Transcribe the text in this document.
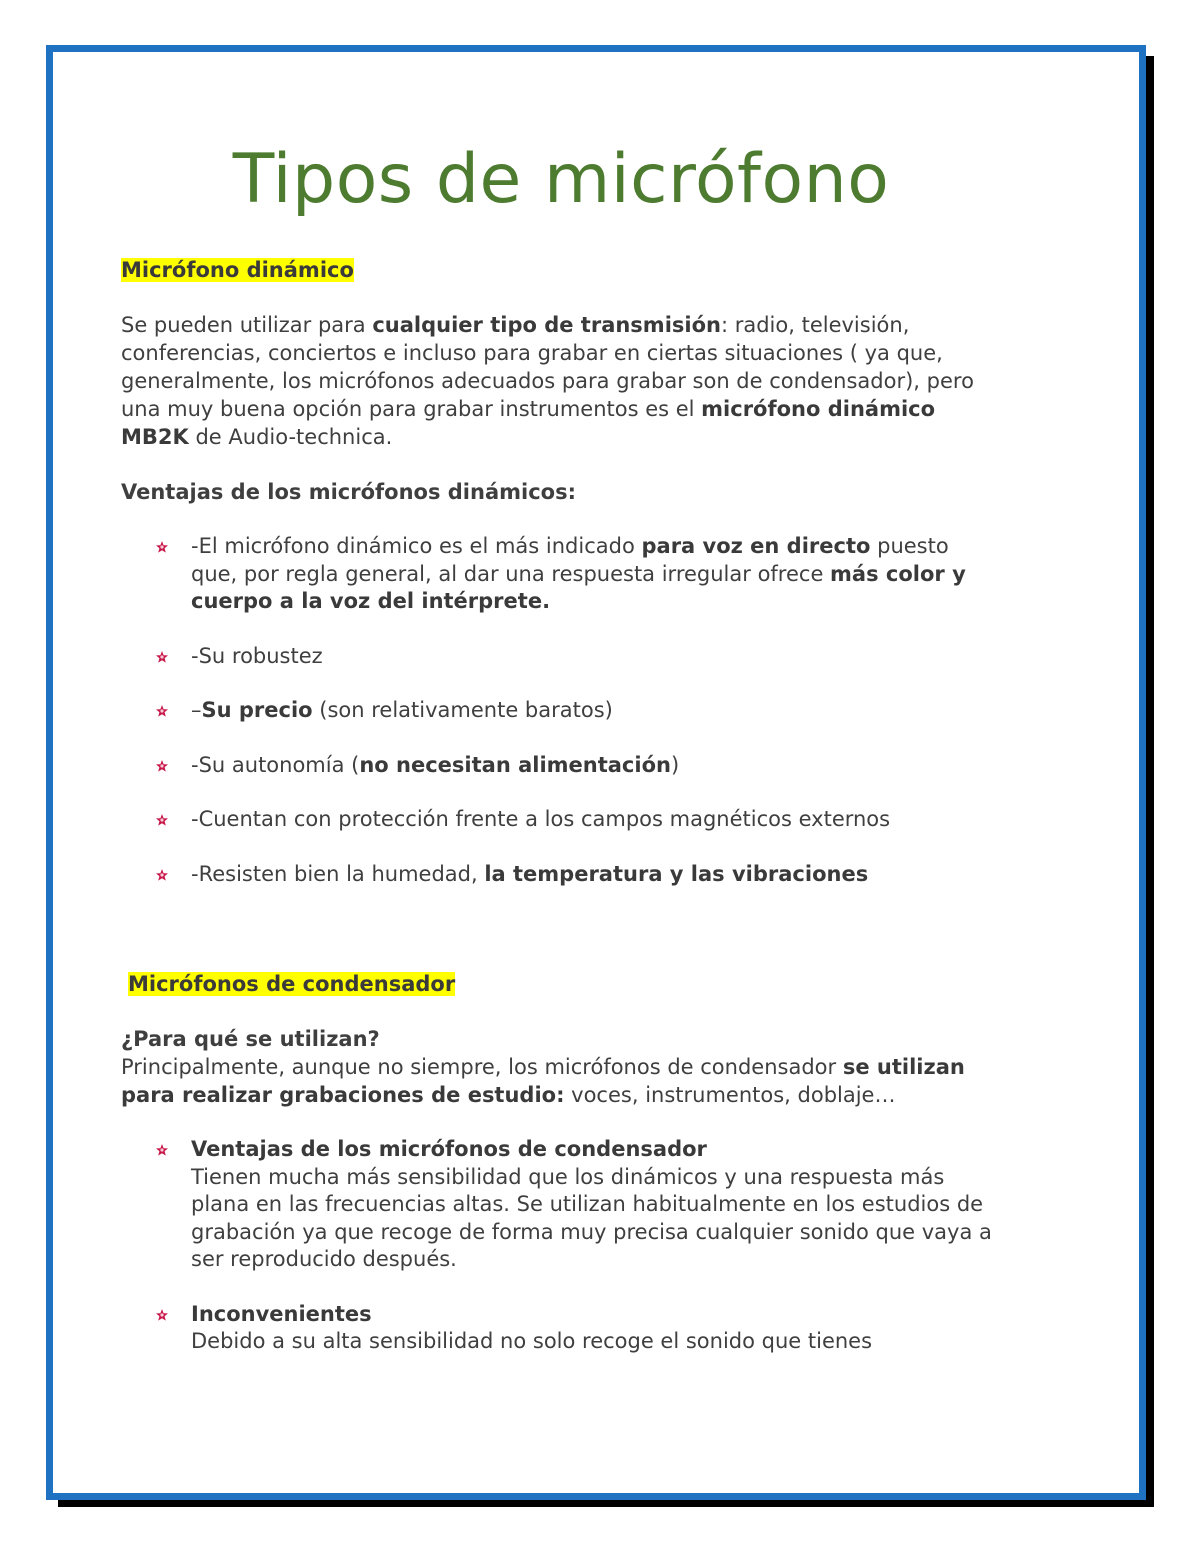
Tipos de micrófono

Micrófono dinámico

Se pueden utilizar para cualquier tipo de transmisión: radio, televisión, conferencias, conciertos e incluso para grabar en ciertas situaciones ( ya que, generalmente, los micrófonos adecuados para grabar son de condensador), pero una muy buena opción para grabar instrumentos es el micrófono dinámico MB2K de Audio-technica.

Ventajas de los micrófonos dinámicos:

-El micrófono dinámico es el más indicado para voz en directo puesto que, por regla general, al dar una respuesta irregular ofrece más color y cuerpo a la voz del intérprete.
-Su robustez
–Su precio (son relativamente baratos)
-Su autonomía (no necesitan alimentación)
-Cuentan con protección frente a los campos magnéticos externos
-Resisten bien la humedad, la temperatura y las vibraciones

Micrófonos de condensador

¿Para qué se utilizan?

Principalmente, aunque no siempre, los micrófonos de condensador se utilizan para realizar grabaciones de estudio: voces, instrumentos, doblaje…

Ventajas de los micrófonos de condensador
Tienen mucha más sensibilidad que los dinámicos y una respuesta más plana en las frecuencias altas. Se utilizan habitualmente en los estudios de grabación ya que recoge de forma muy precisa cualquier sonido que vaya a ser reproducido después.
Inconvenientes
Debido a su alta sensibilidad no solo recoge el sonido que tienes
